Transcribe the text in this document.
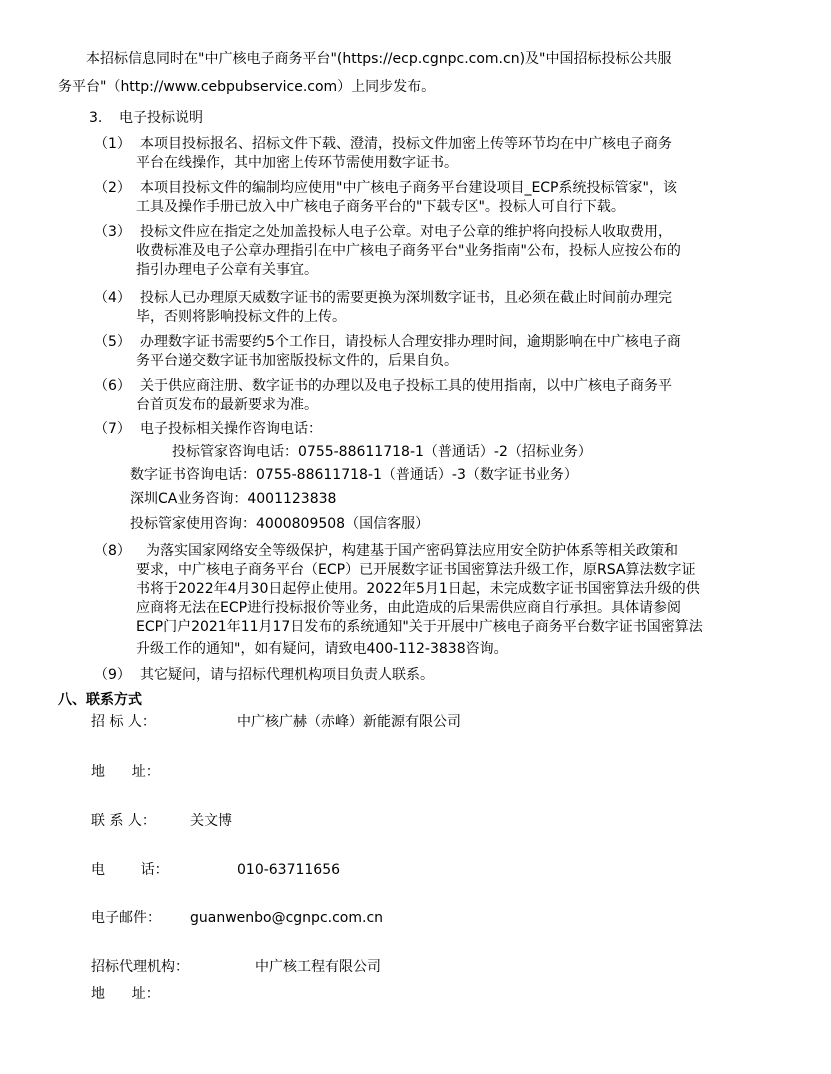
本招标信息同时在"中广核电子商务平台"(https://ecp.cgnpc.com.cn)及"中国招标投标公共服
务平台"（http://www.cebpubservice.com）上同步发布。
3. 电子投标说明
（1） 本项目投标报名、招标文件下载、澄清，投标文件加密上传等环节均在中广核电子商务
平台在线操作，其中加密上传环节需使用数字证书。
（2） 本项目投标文件的编制均应使用"中广核电子商务平台建设项目_ECP系统投标管家"，该
工具及操作手册已放入中广核电子商务平台的"下载专区"。投标人可自行下载。
（3） 投标文件应在指定之处加盖投标人电子公章。对电子公章的维护将向投标人收取费用，
收费标准及电子公章办理指引在中广核电子商务平台"业务指南"公布，投标人应按公布的
指引办理电子公章有关事宜。
（4） 投标人已办理原天威数字证书的需要更换为深圳数字证书，且必须在截止时间前办理完
毕，否则将影响投标文件的上传。
（5） 办理数字证书需要约5个工作日，请投标人合理安排办理时间，逾期影响在中广核电子商
务平台递交数字证书加密版投标文件的，后果自负。
（6） 关于供应商注册、数字证书的办理以及电子投标工具的使用指南，以中广核电子商务平
台首页发布的最新要求为准。
（7） 电子投标相关操作咨询电话：
投标管家咨询电话：0755-88611718-1（普通话）-2（招标业务）
数字证书咨询电话：0755-88611718-1（普通话）-3（数字证书业务）
深圳CA业务咨询：4001123838
投标管家使用咨询：4000809508（国信客服）
（8） 为落实国家网络安全等级保护，构建基于国产密码算法应用安全防护体系等相关政策和
要求，中广核电子商务平台（ECP）已开展数字证书国密算法升级工作，原RSA算法数字证
书将于2022年4月30日起停止使用。2022年5月1日起，未完成数字证书国密算法升级的供
应商将无法在ECP进行投标报价等业务，由此造成的后果需供应商自行承担。具体请参阅
ECP门户2021年11月17日发布的系统通知"关于开展中广核电子商务平台数字证书国密算法
升级工作的通知"，如有疑问，请致电400-112-3838咨询。
（9） 其它疑问，请与招标代理机构项目负责人联系。
八、联系方式
招 标 人：	中广核广赫（赤峰）新能源有限公司
地      址：
联 系 人： 关文博
电        话：	010-63711656
电子邮件： guanwenbo@cgnpc.com.cn
招标代理机构：	中广核工程有限公司
地      址：
